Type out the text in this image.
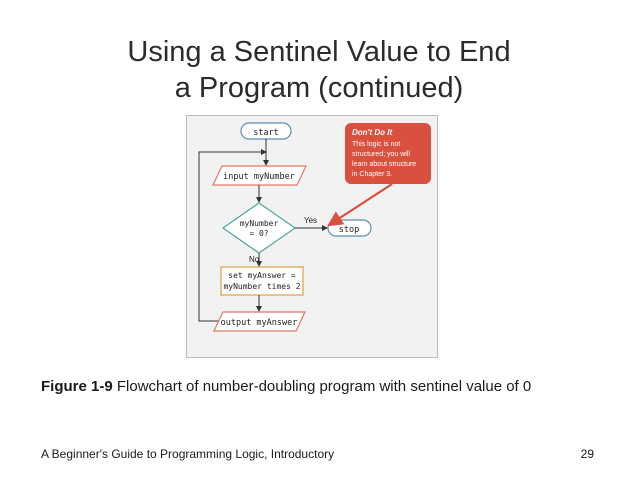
Using a Sentinel Value to End
a Program (continued)
start
input myNumber
myNumber
= 0?
Yes
stop
No
set myAnswer =
myNumber times 2
output myAnswer
Don't Do It
This logic is not
structured; you will
learn about structure
in Chapter 3.
Figure 1-9 Flowchart of number-doubling program with sentinel value of 0
A Beginner's Guide to Programming Logic, Introductory	29
